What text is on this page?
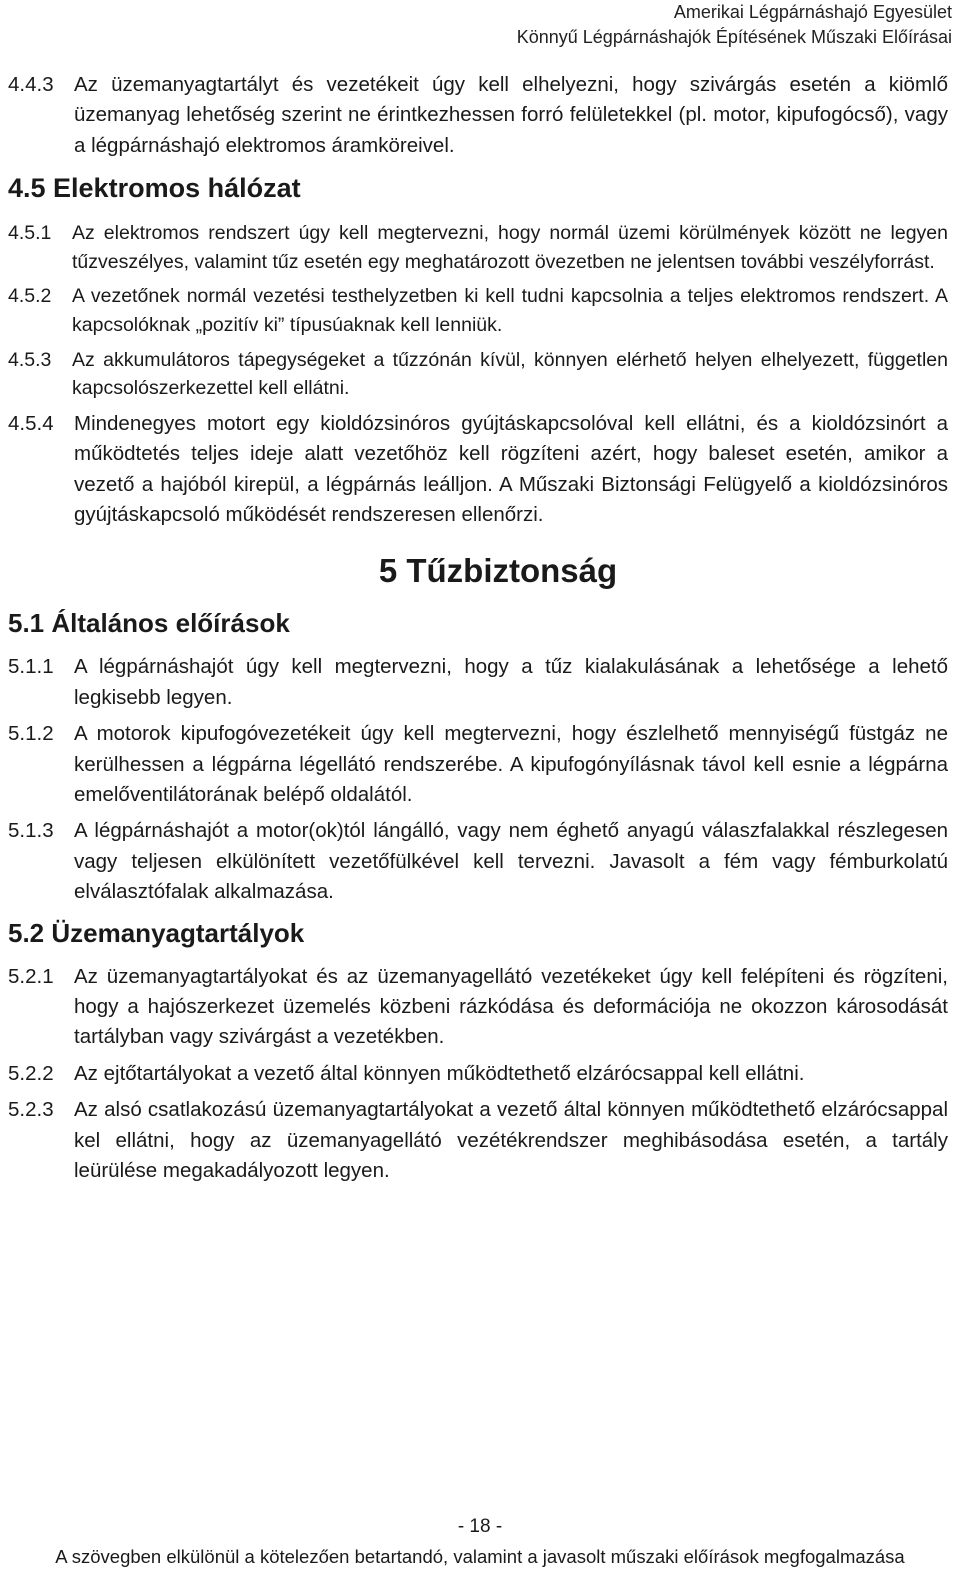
Amerikai Légpárnáshajó Egyesület
Könnyű Légpárnáshajók Építésének Műszaki Előírásai
4.4.3 Az üzemanyagtartályt és vezetékeit úgy kell elhelyezni, hogy szivárgás esetén a kiömlő üzemanyag lehetőség szerint ne érintkezhessen forró felületekkel (pl. motor, kipufogócső), vagy a légpárnáshajó elektromos áramköreivel.
4.5 Elektromos hálózat
4.5.1	Az elektromos rendszert úgy kell megtervezni, hogy normál üzemi körülmények között ne legyen tűzveszélyes, valamint tűz esetén egy meghatározott övezetben ne jelentsen további veszélyforrást.
4.5.2	A vezetőnek normál vezetési testhelyzetben ki kell tudni kapcsolnia a teljes elektromos rendszert. A kapcsolóknak „pozitív ki” típusúaknak kell lenniük.
4.5.3	Az akkumulátoros tápegységeket a tűzzónán kívül, könnyen elérhető helyen elhelyezett, független kapcsolószerkezettel kell ellátni.
4.5.4 Mindenegyes motort egy kioldózsinóros gyújtáskapcsolóval kell ellátni, és a kioldózsinórt a működtetés teljes ideje alatt vezetőhöz kell rögzíteni azért, hogy baleset esetén, amikor a vezető a hajóból kirepül, a légpárnás leálljon. A Műszaki Biztonsági Felügyelő a kioldózsinóros gyújtáskapcsoló működését rendszeresen ellenőrzi.
5 Tűzbiztonság
5.1 Általános előírások
5.1.1 A légpárnáshajót úgy kell megtervezni, hogy a tűz kialakulásának a lehetősége a lehető legkisebb legyen.
5.1.2 A motorok kipufogóvezetékeit úgy kell megtervezni, hogy észlelhető mennyiségű füstgáz ne kerülhessen a légpárna légellátó rendszerébe. A kipufogónyílásnak távol kell esnie a légpárna emelőventilátorának belépő oldalától.
5.1.3 A légpárnáshajót a motor(ok)tól lángálló, vagy nem éghető anyagú válaszfalakkal részlegesen vagy teljesen elkülönített vezetőfülkével kell tervezni. Javasolt a fém vagy fémburkolatú elválasztófalak alkalmazása.
5.2 Üzemanyagtartályok
5.2.1 Az üzemanyagtartályokat és az üzemanyagellátó vezetékeket úgy kell felépíteni és rögzíteni, hogy a hajószerkezet üzemelés közbeni rázkódása és deformációja ne okozzon károsodását tartályban vagy szivárgást a vezetékben.
5.2.2 Az ejtőtartályokat a vezető által könnyen működtethető elzárócsappal kell ellátni.
5.2.3 Az alsó csatlakozású üzemanyagtartályokat a vezető által könnyen működtethető elzárócsappal kel ellátni, hogy az üzemanyagellátó vezétékrendszer meghibásodása esetén, a tartály leürülése megakadályozott legyen.
- 18 -
A szövegben elkülönül a kötelezően betartandó, valamint a javasolt műszaki előírások megfogalmazása
